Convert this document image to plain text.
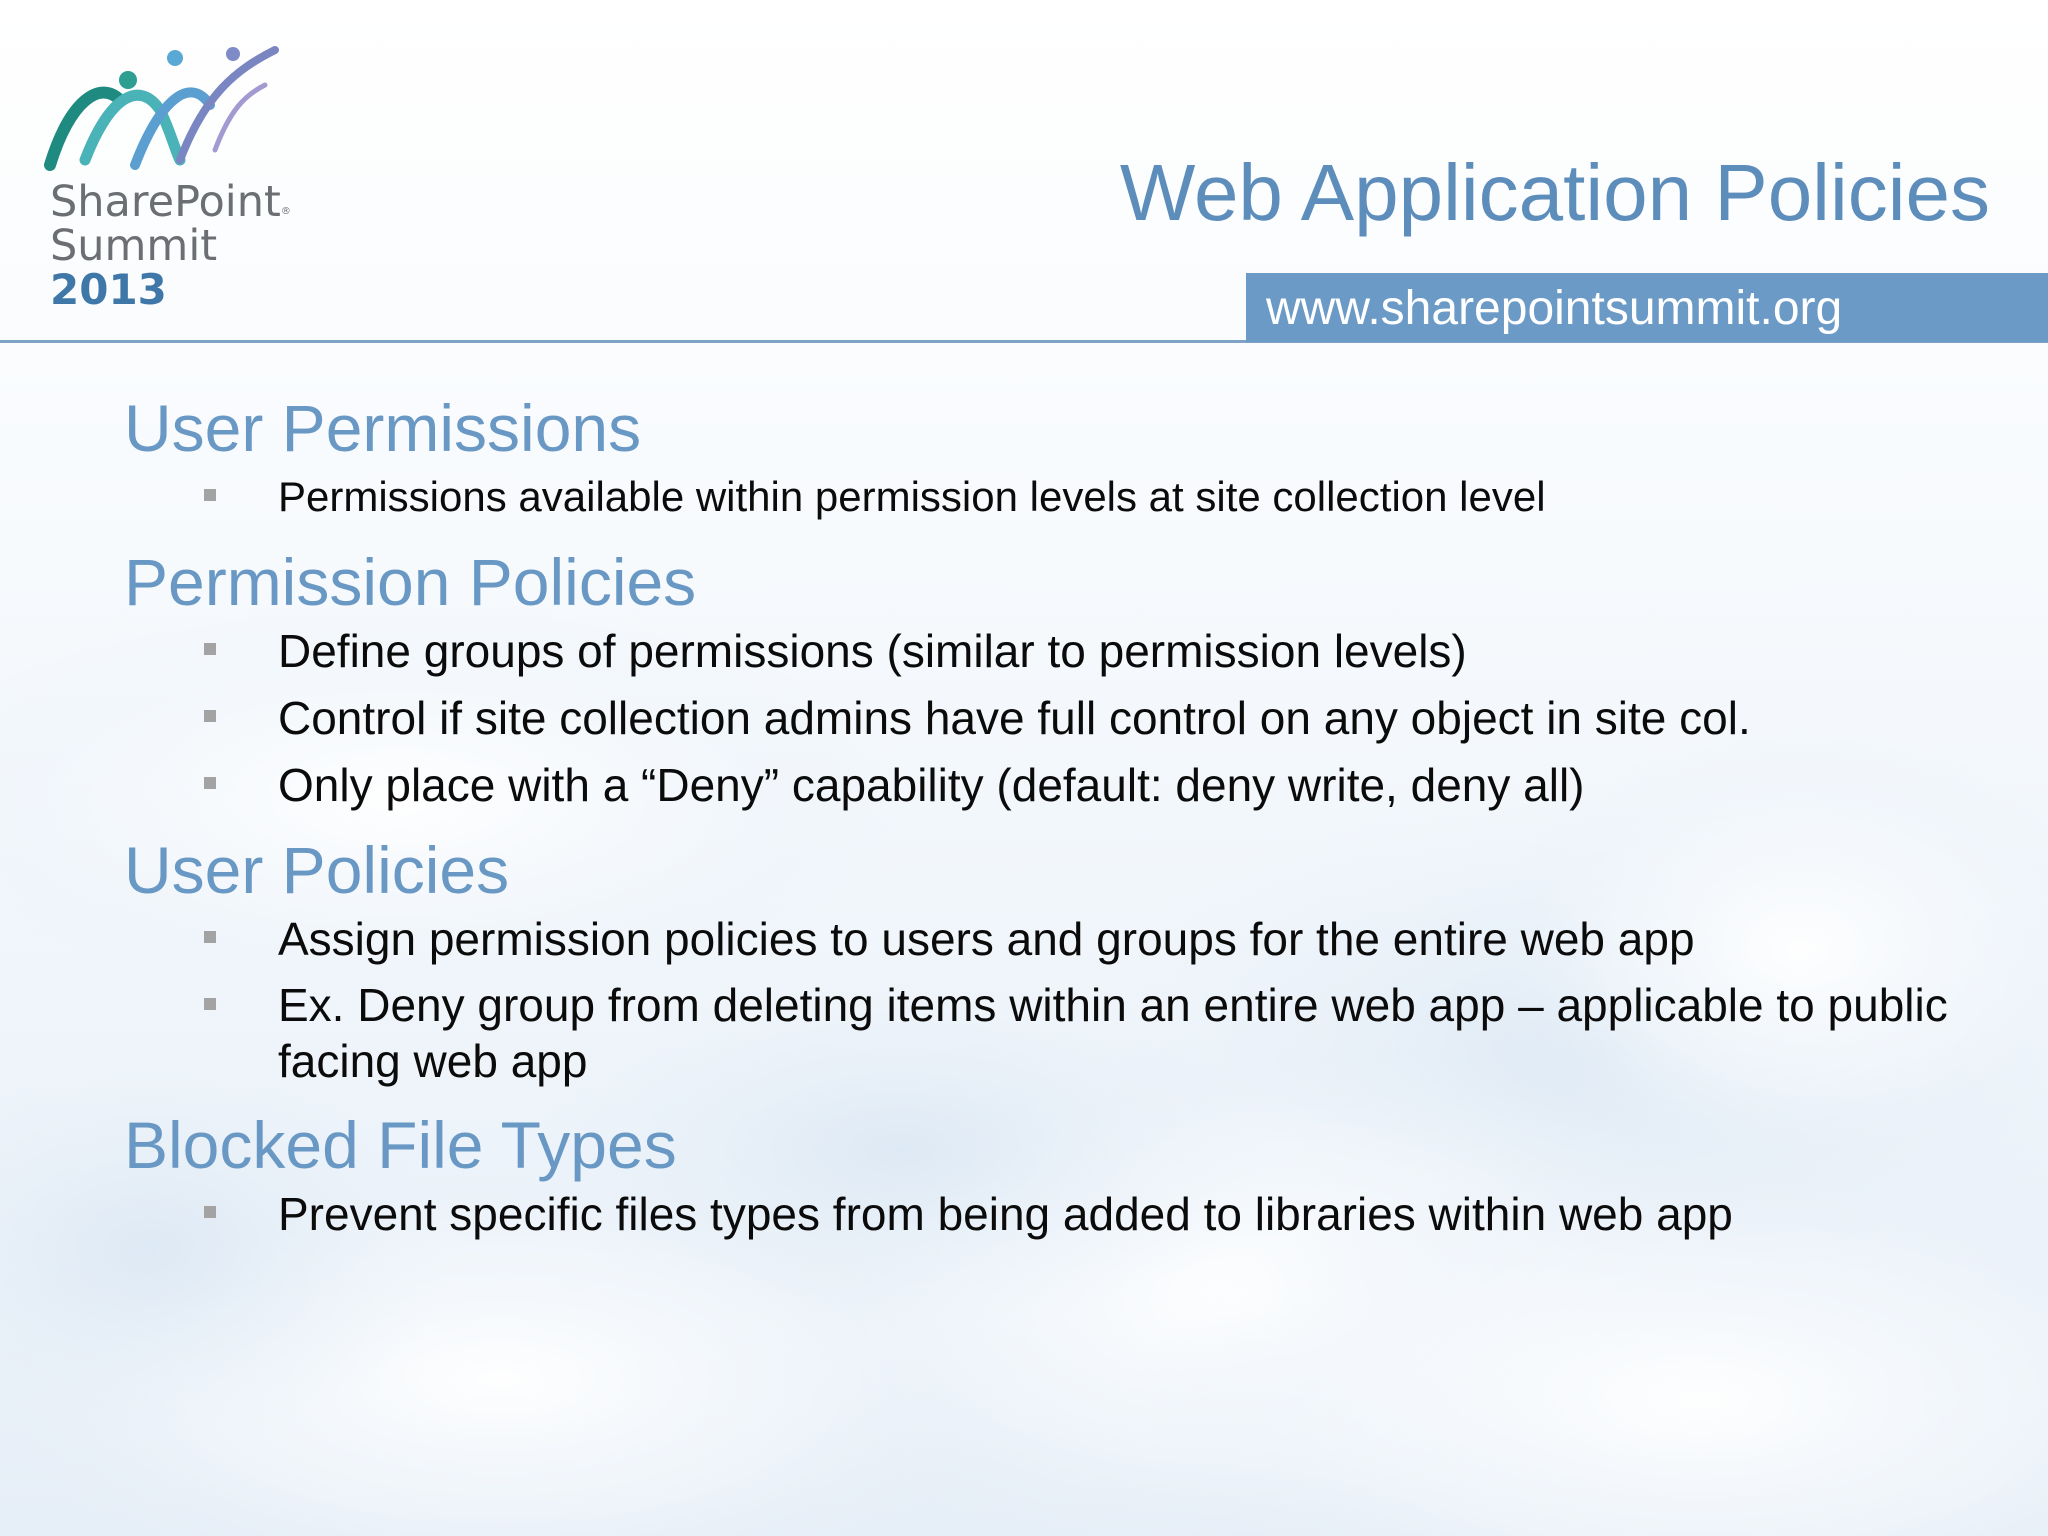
SharePoint®
Summit
2013
Web Application Policies
www.sharepointsummit.org
User Permissions
Permissions available within permission levels at site collection level
Permission Policies
Define groups of permissions (similar to permission levels)
Control if site collection admins have full control on any object in site col.
Only place with a “Deny” capability (default: deny write, deny all)
User Policies
Assign permission policies to users and groups for the entire web app
Ex. Deny group from deleting items within an entire web app – applicable to public facing web app
Blocked File Types
Prevent specific files types from being added to libraries within web app
